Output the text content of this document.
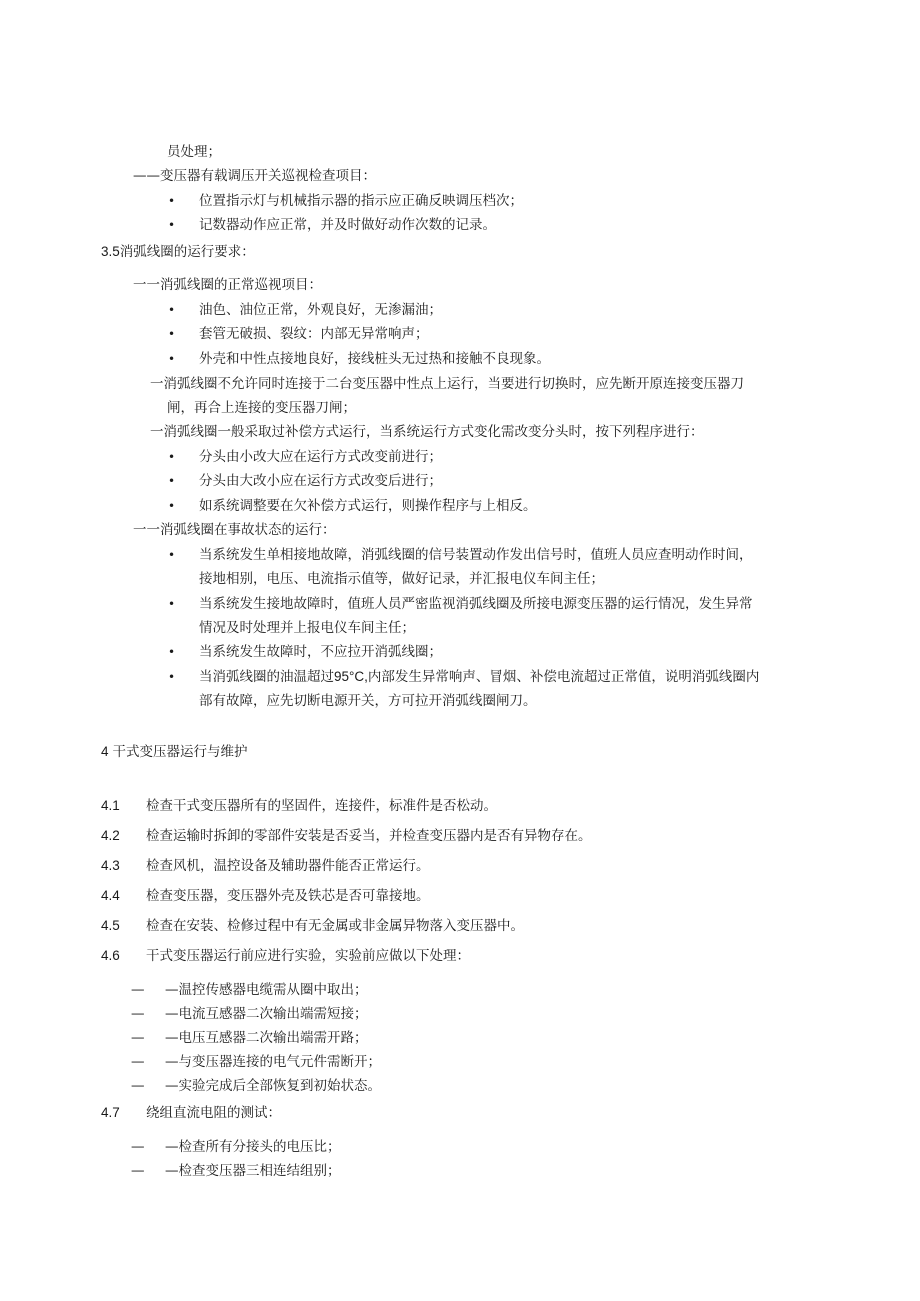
员处理；
——变压器有载调压开关巡视检查项目：
• 位置指示灯与机械指示器的指示应正确反映调压档次；
• 记数器动作应正常，并及时做好动作次数的记录。
3.5消弧线圈的运行要求：
一一消弧线圈的正常巡视项目：
• 油色、油位正常，外观良好，无渗漏油；
• 套管无破损、裂纹：内部无异常响声；
• 外壳和中性点接地良好，接线桩头无过热和接触不良现象。
一消弧线圈不允许同时连接于二台变压器中性点上运行，当要进行切换时，应先断开原连接变压器刀
闸，再合上连接的变压器刀闸；
一消弧线圈一般采取过补偿方式运行，当系统运行方式变化需改变分头时，按下列程序进行：
• 分头由小改大应在运行方式改变前进行；
• 分头由大改小应在运行方式改变后进行；
• 如系统调整要在欠补偿方式运行，则操作程序与上相反。
一一消弧线圈在事故状态的运行：
• 当系统发生单相接地故障，消弧线圈的信号装置动作发出信号时，值班人员应查明动作时间，
接地相别，电压、电流指示值等，做好记录，并汇报电仪车间主任；
• 当系统发生接地故障时，值班人员严密监视消弧线圈及所接电源变压器的运行情况，发生异常
情况及时处理并上报电仪车间主任；
• 当系统发生故障时，不应拉开消弧线圈；
• 当消弧线圈的油温超过95°C,内部发生异常响声、冒烟、补偿电流超过正常值，说明消弧线圈内
部有故障，应先切断电源开关，方可拉开消弧线圈闸刀。
4 干式变压器运行与维护
4.1 检查干式变压器所有的坚固件，连接件，标准件是否松动。
4.2 检查运输时拆卸的零部件安装是否妥当，并检查变压器内是否有异物存在。
4.3 检查风机，温控设备及辅助器件能否正常运行。
4.4 检查变压器，变压器外壳及铁芯是否可靠接地。
4.5 检查在安装、检修过程中有无金属或非金属异物落入变压器中。
4.6 干式变压器运行前应进行实验，实验前应做以下处理：
— —温控传感器电缆需从圈中取出；
— —电流互感器二次输出端需短接；
— —电压互感器二次输出端需开路；
— —与变压器连接的电气元件需断开；
— —实验完成后全部恢复到初始状态。
4.7 绕组直流电阻的测试：
— —检查所有分接头的电压比；
— —检查变压器三相连结组别；
